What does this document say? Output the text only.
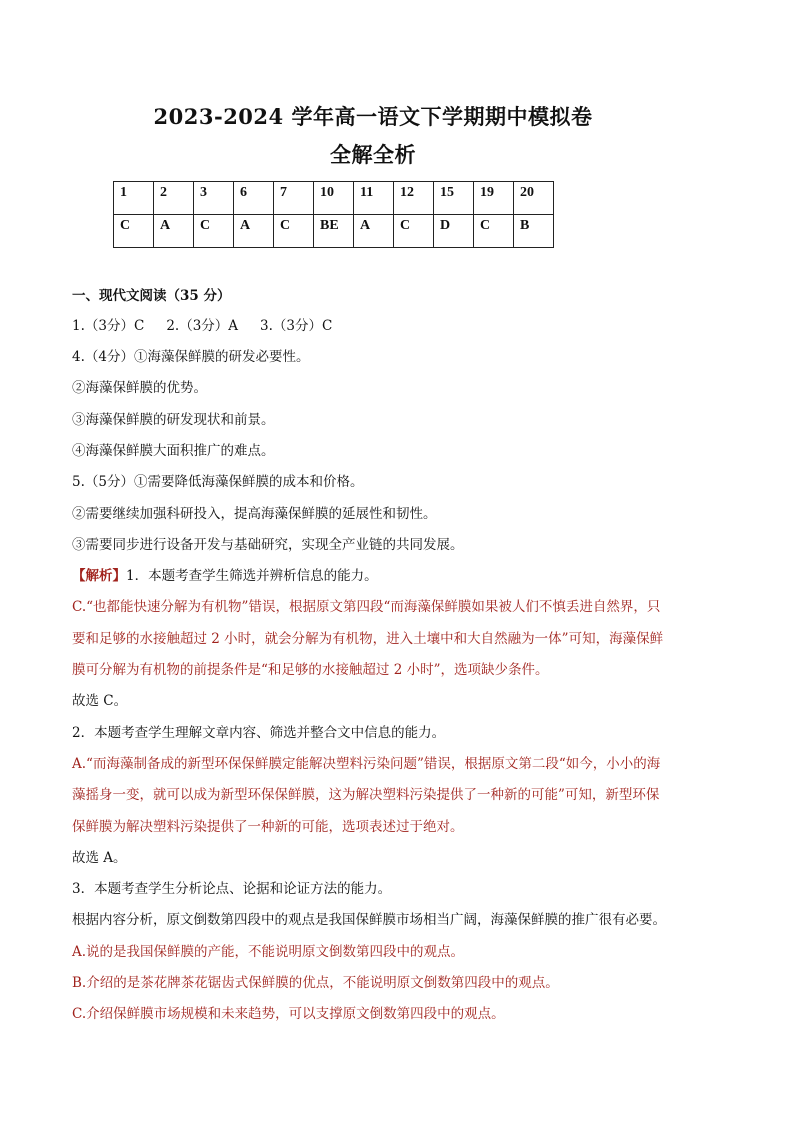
2023-2024 学年高一语文下学期期中模拟卷
全解全析
1	2	3	6	7	10	11	12	15	19	20
C	A	C	A	C	BE	A	C	D	C	B
一、现代文阅读（35 分）
1.（3分）C 2.（3分）A 3.（3分）C
4.（4分）①海藻保鲜膜的研发必要性。
②海藻保鲜膜的优势。
③海藻保鲜膜的研发现状和前景。
④海藻保鲜膜大面积推广的难点。
5.（5分）①需要降低海藻保鲜膜的成本和价格。
②需要继续加强科研投入，提高海藻保鲜膜的延展性和韧性。
③需要同步进行设备开发与基础研究，实现全产业链的共同发展。
【解析】1．本题考查学生筛选并辨析信息的能力。
C.“也都能快速分解为有机物”错误，根据原文第四段“而海藻保鲜膜如果被人们不慎丢进自然界，只
要和足够的水接触超过 2 小时，就会分解为有机物，进入土壤中和大自然融为一体”可知，海藻保鲜
膜可分解为有机物的前提条件是“和足够的水接触超过 2 小时”，选项缺少条件。
故选 C。
2．本题考查学生理解文章内容、筛选并整合文中信息的能力。
A.“而海藻制备成的新型环保保鲜膜定能解决塑料污染问题”错误，根据原文第二段“如今，小小的海
藻摇身一变，就可以成为新型环保保鲜膜，这为解决塑料污染提供了一种新的可能”可知，新型环保
保鲜膜为解决塑料污染提供了一种新的可能，选项表述过于绝对。
故选 A。
3．本题考查学生分析论点、论据和论证方法的能力。
根据内容分析，原文倒数第四段中的观点是我国保鲜膜市场相当广阔，海藻保鲜膜的推广很有必要。
A.说的是我国保鲜膜的产能，不能说明原文倒数第四段中的观点。
B.介绍的是茶花牌茶花锯齿式保鲜膜的优点，不能说明原文倒数第四段中的观点。
C.介绍保鲜膜市场规模和未来趋势，可以支撑原文倒数第四段中的观点。
